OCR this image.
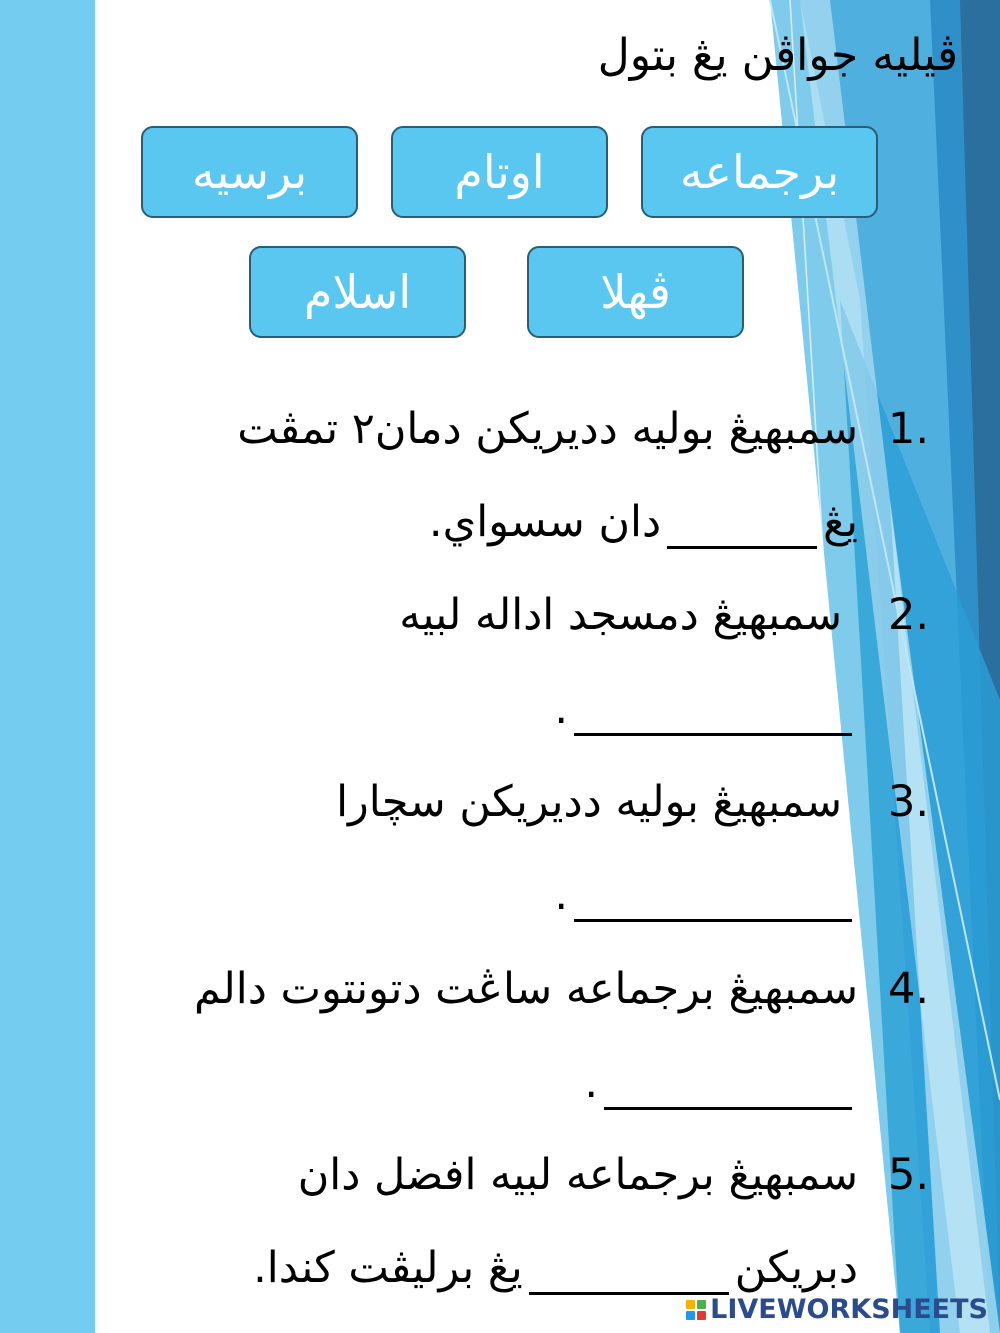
ڤيليه جواڤن يڠ بتول
برجماعه
اوتام
برسيه
ڤهلا
اسلام
1.
سمبهيڠ بوليه دديريکن دمان٢ تمڤت
يڠدان سسواي.
2.
سمبهيڠ دمسجد اداله لبيه
.
3.
سمبهيڠ بوليه دديريکن سچارا
.
4.
سمبهيڠ برجماعه ساڠت دتونتوت دالم
.
5.
سمبهيڠ برجماعه لبيه افضل دان
دبريکنيڠ برليڤت کندا.
LIVEWORKSHEETS
